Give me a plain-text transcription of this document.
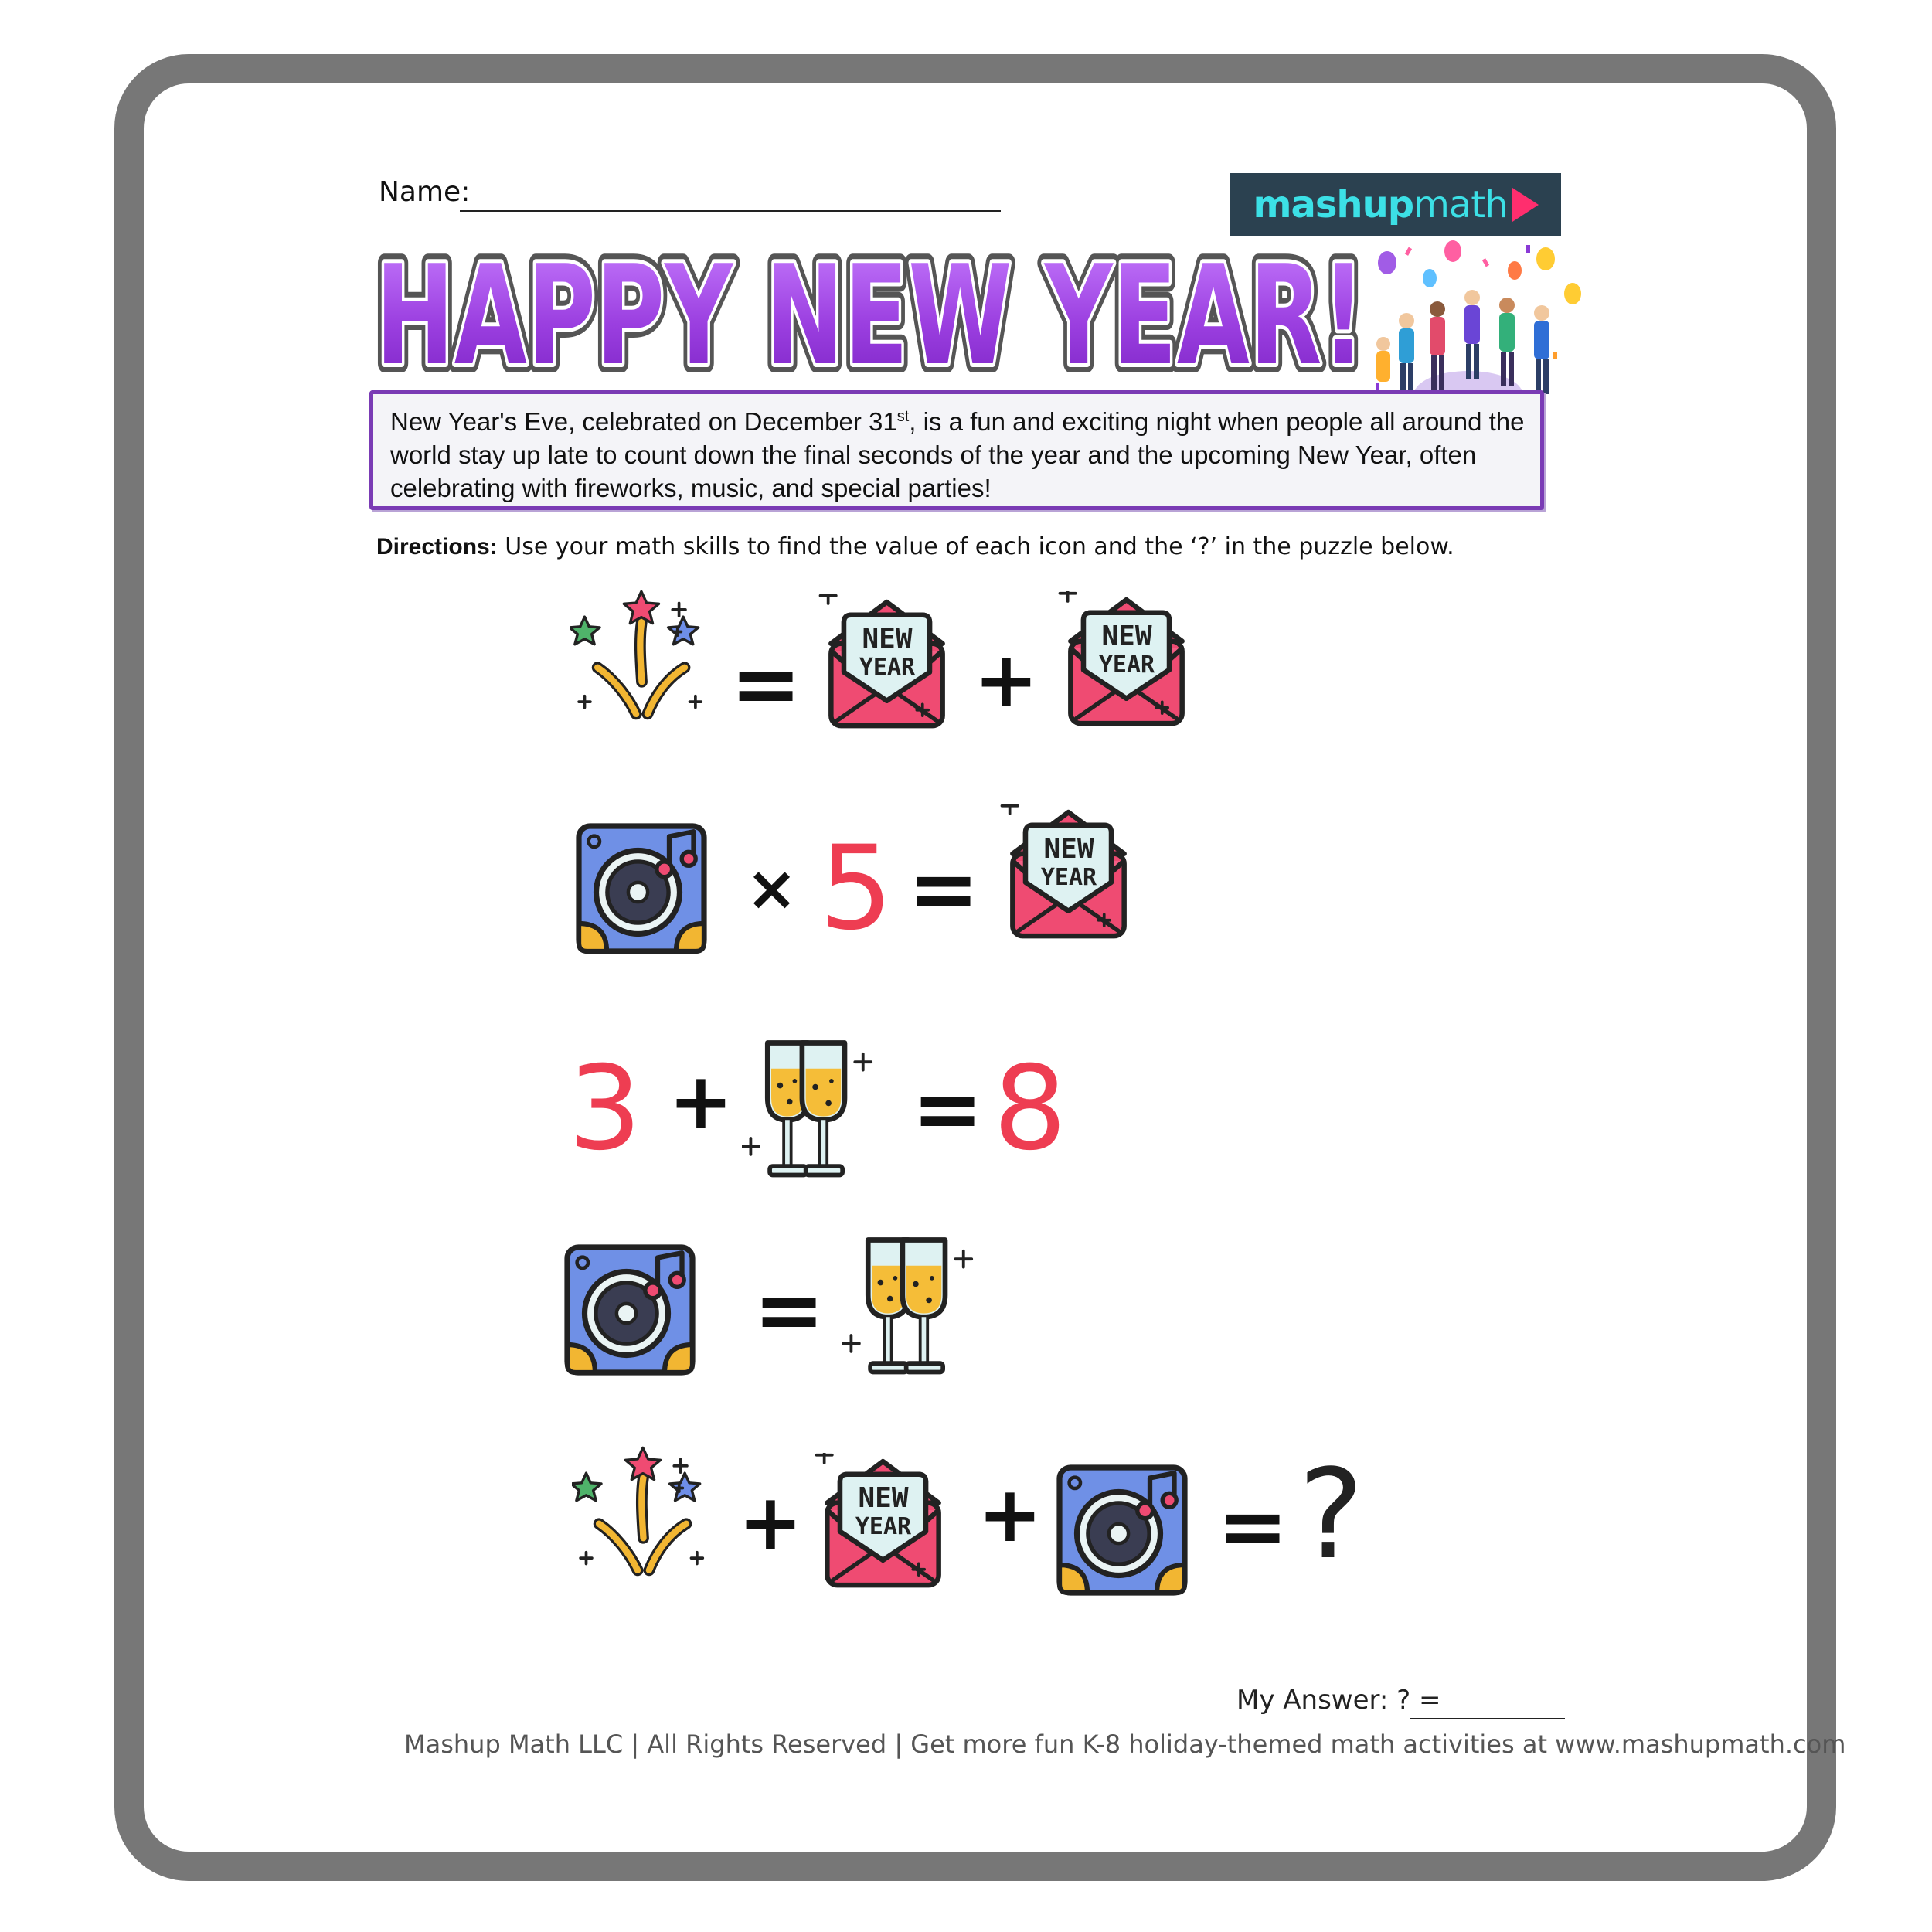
Name:	mashup math
HAPPY NEW YEAR!
HAPPY NEW YEAR!
HAPPY NEW YEAR!
New Year's Eve, celebrated on December 31st, is a fun and exciting night when people all around the world stay up late to count down the final seconds of the year and the upcoming New Year, often celebrating with fireworks, music, and special parties!
Directions: Use your math skills to find the value of each icon and the ‘?’ in the puzzle below.
= NEW
YEAR + NEW
YEAR
× 5 = NEW
YEAR
3 + = 8
=
+ NEW
YEAR + = ?
My Answer: ? =
Mashup Math LLC | All Rights Reserved | Get more fun K-8 holiday-themed math activities at www.mashupmath.com
